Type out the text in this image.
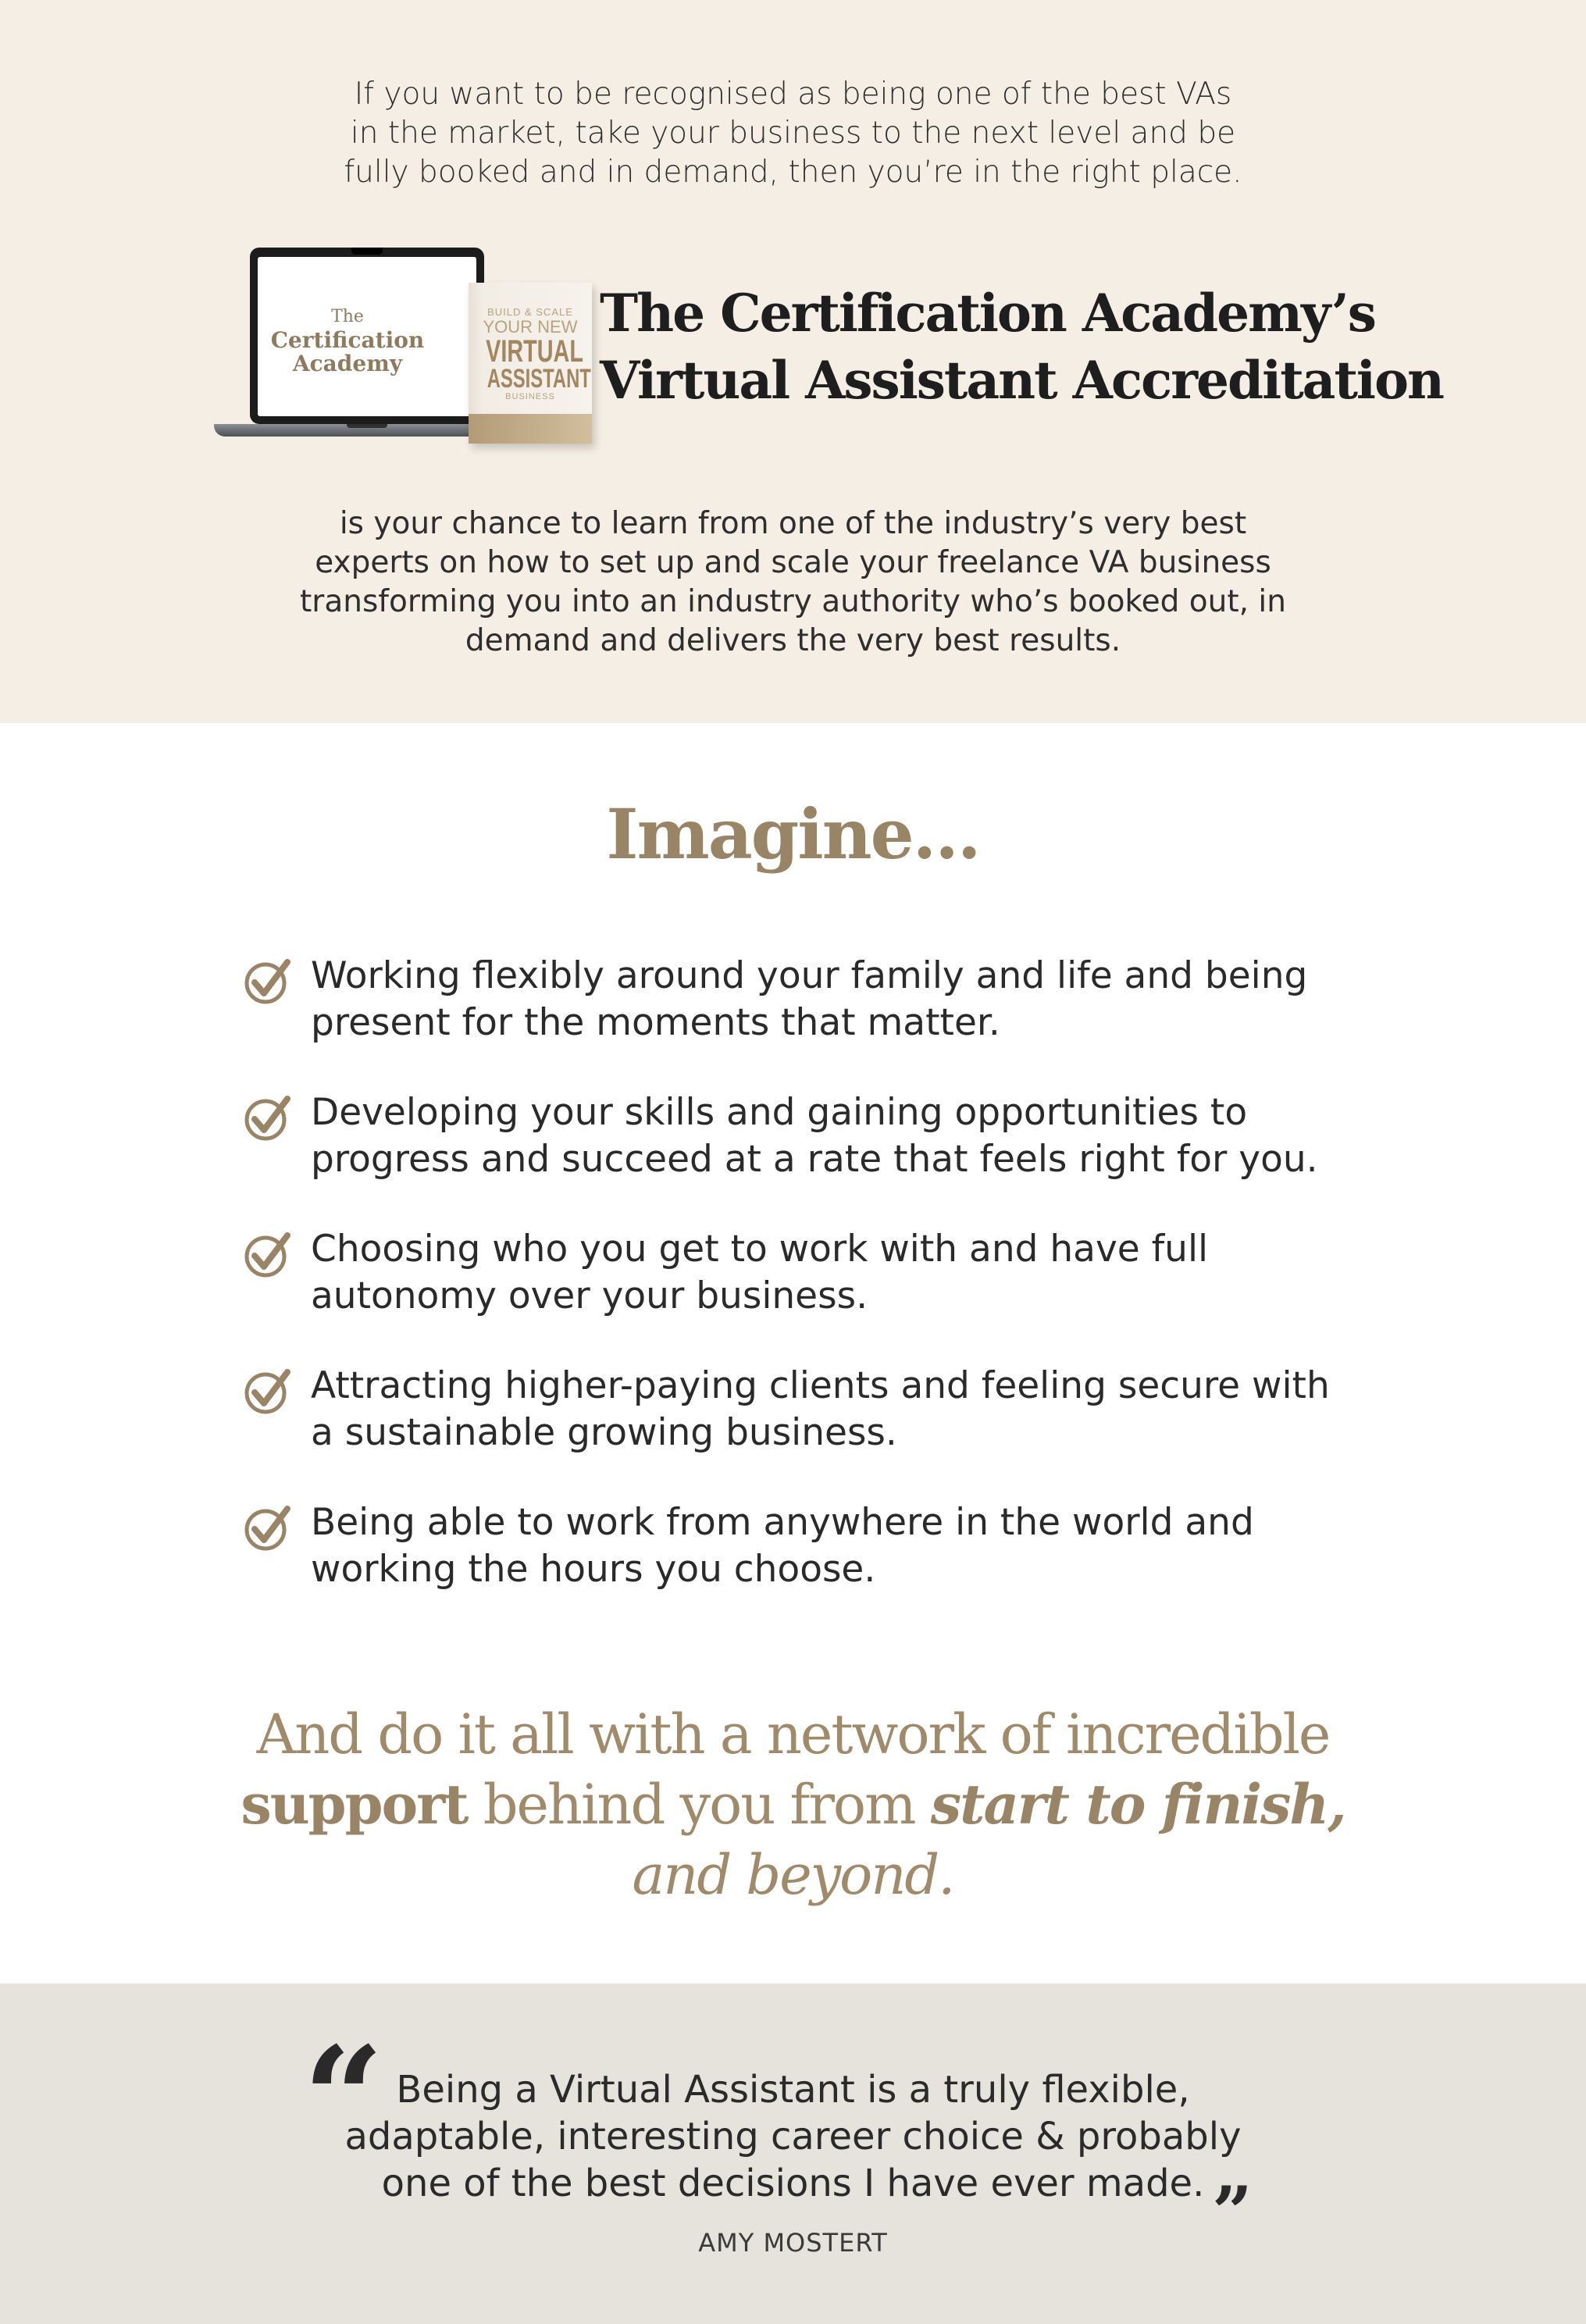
If you want to be recognised as being one of the best VAs
in the market, take your business to the next level and be
fully booked and in demand, then you’re in the right place.
The
Certification
Academy
BUILD & SCALE
YOUR NEW
VIRTUAL
ASSISTANT
BUSINESS
The Certification Academy’s
Virtual Assistant Accreditation
is your chance to learn from one of the industry’s very best
experts on how to set up and scale your freelance VA business
transforming you into an industry authority who’s booked out, in
demand and delivers the very best results.
Imagine...
Working flexibly around your family and life and being
present for the moments that matter.
Developing your skills and gaining opportunities to
progress and succeed at a rate that feels right for you.
Choosing who you get to work with and have full
autonomy over your business.
Attracting higher-paying clients and feeling secure with
a sustainable growing business.
Being able to work from anywhere in the world and
working the hours you choose.
And do it all with a network of incredible
support behind you from start to finish,
and beyond.
“ Being a Virtual Assistant is a truly flexible,
adaptable, interesting career choice & probably
one of the best decisions I have ever made. ”
AMY MOSTERT
